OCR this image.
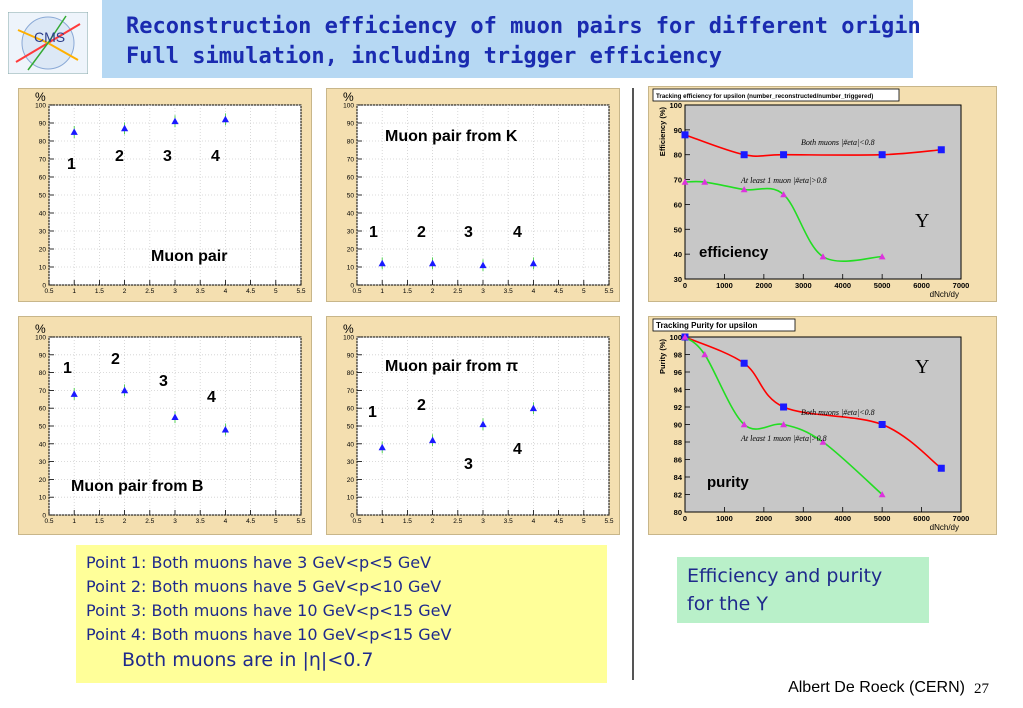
Reconstruction efficiency of muon pairs for different origin
Full simulation, including trigger efficiency
CMS
0
10
20
30
40
50
60
70
80
90
100
0.5	1	1.5	2	2.5	3	3.5	4	4.5	5	5.5
%
1 2 3 4
Muon pair
0
10
20
30
40
50
60
70
80
90
100
0.5	1	1.5	2	2.5	3	3.5	4	4.5	5	5.5
%
1 2 3	4
Muon pair from K
0
10
20
30
40
50
60
70
80
90
100
0.5	1	1.5	2	2.5	3	3.5	4	4.5	5	5.5
%
1
2
3
4
Muon pair from B
0
10
20
30
40
50
60
70
80
90
100
0.5	1	1.5	2	2.5	3	3.5	4	4.5	5	5.5
%
1	2
3
4
Muon pair from π
Tracking efficiency for upsilon (number_reconstructed/number_triggered)
30
40
50
60
70
80
90
100
0	1000	2000	3000	4000	5000	6000	7000
dNch/dy
Efficiency (%)	Both muons |#eta|<0.8
At least 1 muon |#eta|>0.8
Υ
efficiency
Tracking Purity for upsilon
80
82
84
86
88
90
92
94
96
98
100
0	1000	2000	3000	4000	5000	6000	7000
dNch/dy
Purity (%)
Both muons |#eta|<0.8
At least 1 muon |#eta|>0.8
Υ
purity
Point 1: Both muons have 3 GeV<p<5 GeV
Point 2: Both muons have 5 GeV<p<10 GeV
Point 3: Both muons have 10 GeV<p<15 GeV
Point 4: Both muons have 10 GeV<p<15 GeV
Both muons are in |η|<0.7
Efficiency and purity
for the Υ
Albert De Roeck (CERN) 27
